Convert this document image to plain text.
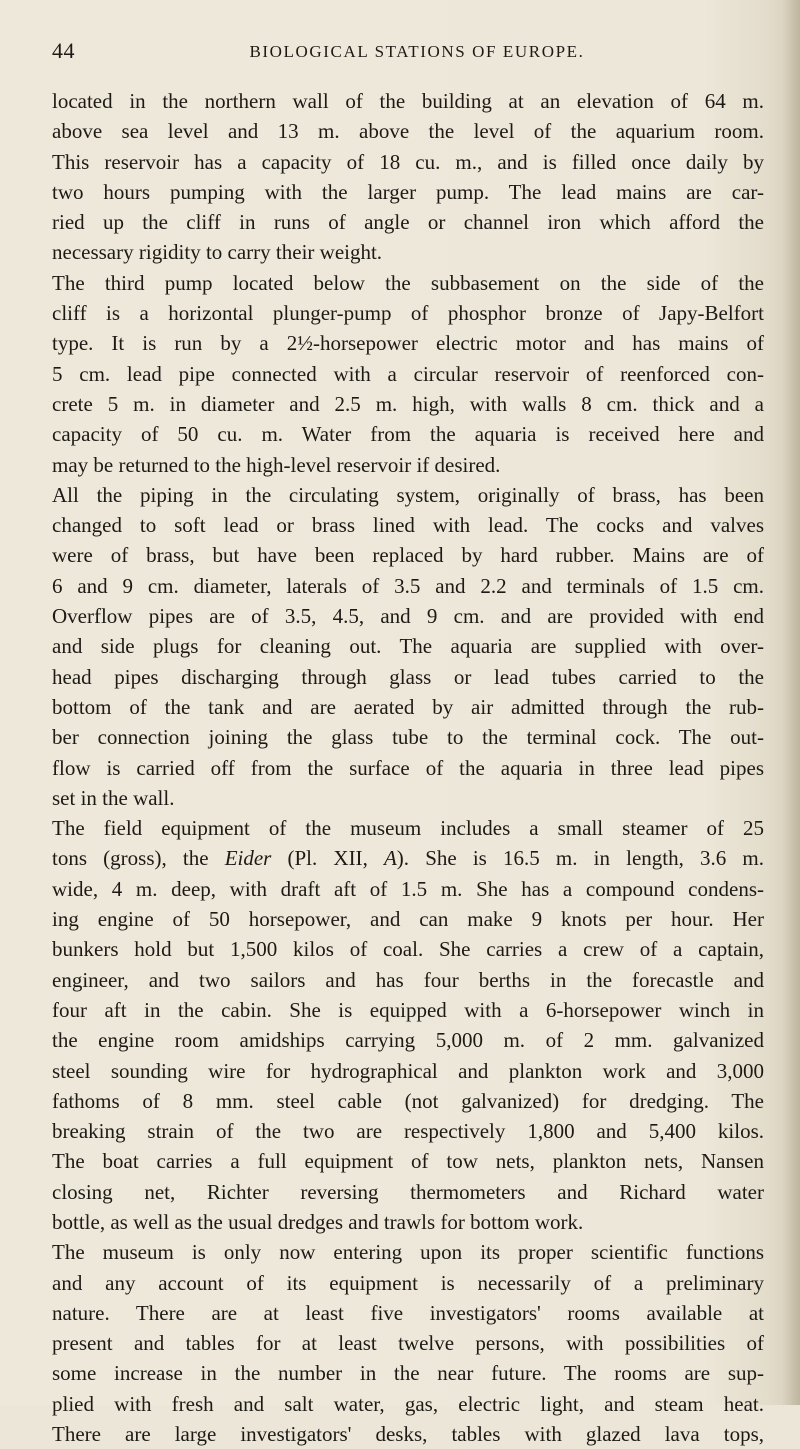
44	BIOLOGICAL STATIONS OF EUROPE.
located in the northern wall of the building at an elevation of 64 m.
above sea level and 13 m. above the level of the aquarium room.
This reservoir has a capacity of 18 cu. m., and is filled once daily by
two hours pumping with the larger pump. The lead mains are car-
ried up the cliff in runs of angle or channel iron which afford the
necessary rigidity to carry their weight.
The third pump located below the subbasement on the side of the
cliff is a horizontal plunger-pump of phosphor bronze of Japy-Belfort
type. It is run by a 2½-horsepower electric motor and has mains of
5 cm. lead pipe connected with a circular reservoir of reenforced con-
crete 5 m. in diameter and 2.5 m. high, with walls 8 cm. thick and a
capacity of 50 cu. m. Water from the aquaria is received here and
may be returned to the high-level reservoir if desired.
All the piping in the circulating system, originally of brass, has been
changed to soft lead or brass lined with lead. The cocks and valves
were of brass, but have been replaced by hard rubber. Mains are of
6 and 9 cm. diameter, laterals of 3.5 and 2.2 and terminals of 1.5 cm.
Overflow pipes are of 3.5, 4.5, and 9 cm. and are provided with end
and side plugs for cleaning out. The aquaria are supplied with over-
head pipes discharging through glass or lead tubes carried to the
bottom of the tank and are aerated by air admitted through the rub-
ber connection joining the glass tube to the terminal cock. The out-
flow is carried off from the surface of the aquaria in three lead pipes
set in the wall.
The field equipment of the museum includes a small steamer of 25
tons (gross), the Eider (Pl. XII, A). She is 16.5 m. in length, 3.6 m.
wide, 4 m. deep, with draft aft of 1.5 m. She has a compound condens-
ing engine of 50 horsepower, and can make 9 knots per hour. Her
bunkers hold but 1,500 kilos of coal. She carries a crew of a captain,
engineer, and two sailors and has four berths in the forecastle and
four aft in the cabin. She is equipped with a 6-horsepower winch in
the engine room amidships carrying 5,000 m. of 2 mm. galvanized
steel sounding wire for hydrographical and plankton work and 3,000
fathoms of 8 mm. steel cable (not galvanized) for dredging. The
breaking strain of the two are respectively 1,800 and 5,400 kilos.
The boat carries a full equipment of tow nets, plankton nets, Nansen
closing net, Richter reversing thermometers and Richard water
bottle, as well as the usual dredges and trawls for bottom work.
The museum is only now entering upon its proper scientific functions
and any account of its equipment is necessarily of a preliminary
nature. There are at least five investigators' rooms available at
present and tables for at least twelve persons, with possibilities of
some increase in the number in the near future. The rooms are sup-
plied with fresh and salt water, gas, electric light, and steam heat.
There are large investigators' desks, tables with glazed lava tops,
